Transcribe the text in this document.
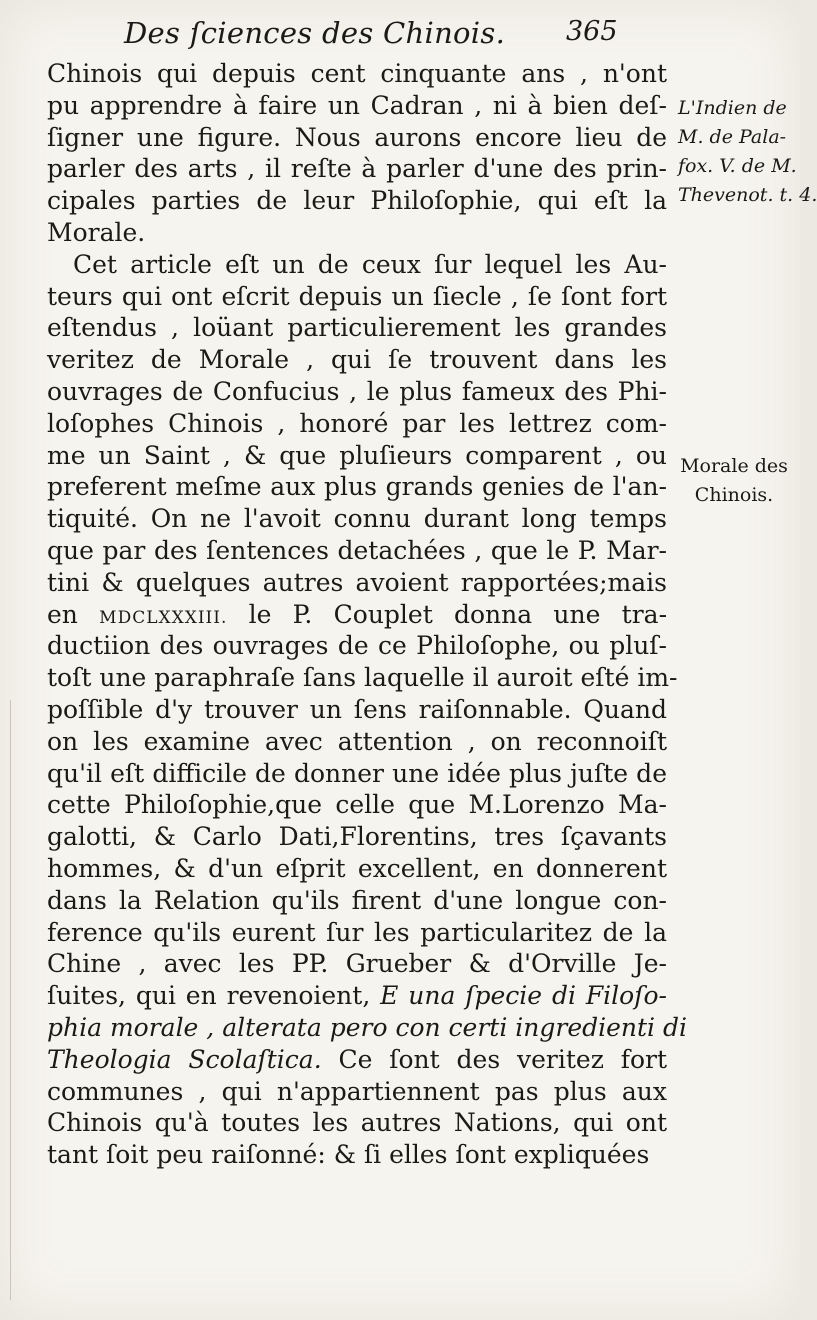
Des ſciences des Chinois. 365
Chinois qui depuis cent cinquante ans , n'ont
pu apprendre à faire un Cadran , ni à bien deſ-
ſigner une figure. Nous aurons encore lieu de
parler des arts , il reſte à parler d'une des prin-
cipales parties de leur Philoſophie, qui eſt la
Morale.
Cet article eſt un de ceux ſur lequel les Au-
teurs qui ont eſcrit depuis un ſiecle , ſe ſont fort
eſtendus , loüant particulierement les grandes
veritez de Morale , qui ſe trouvent dans les
ouvrages de Confucius , le plus fameux des Phi-
loſophes Chinois , honoré par les lettrez com-
me un Saint , & que pluſieurs comparent , ou
preferent meſme aux plus grands genies de l'an-
tiquité. On ne l'avoit connu durant long temps
que par des ſentences detachées , que le P. Mar-
tini & quelques autres avoient rapportées;mais
en MDCLXXXIII. le P. Couplet donna une tra-
ductiion des ouvrages de ce Philoſophe, ou pluſ-
toſt une paraphraſe ſans laquelle il auroit eſté im-
poſſible d'y trouver un ſens raiſonnable. Quand
on les examine avec attention , on reconnoiſt
qu'il eſt difficile de donner une idée plus juſte de
cette Philoſophie,que celle que M.Lorenzo Ma-
galotti, & Carlo Dati,Florentins, tres ſçavants
hommes, & d'un eſprit excellent, en donnerent
dans la Relation qu'ils firent d'une longue con-
ference qu'ils eurent ſur les particularitez de la
Chine , avec les PP. Grueber & d'Orville Je-
ſuites, qui en revenoient, E una ſpecie di Filoſo-
phia morale , alterata pero con certi ingredienti di
Theologia Scolaſtica. Ce ſont des veritez fort
communes , qui n'appartiennent pas plus aux
Chinois qu'à toutes les autres Nations, qui ont
tant ſoit peu raiſonné: & ſi elles ſont expliquées
L'Indien de
M. de Pala-
fox. V. de M.
Thevenot. t. 4.
Morale des
Chinois.
